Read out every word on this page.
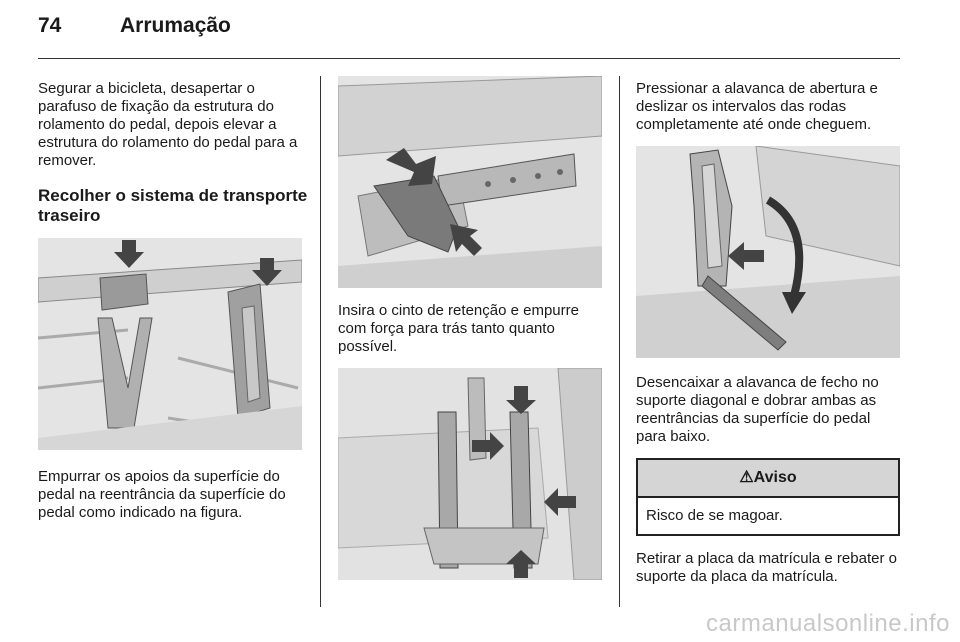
74	Arrumação

Segurar a bicicleta, desapertar o parafuso de fixação da estrutura do rolamento do pedal, depois elevar a estrutura do rolamento do pedal para a remover.

Recolher o sistema de transporte traseiro

Empurrar os apoios da superfície do pedal na reentrância da superfície do pedal como indicado na figura.

Insira o cinto de retenção e empurre com força para trás tanto quanto possível.

Pressionar a alavanca de abertura e deslizar os intervalos das rodas completamente até onde cheguem.

Desencaixar a alavanca de fecho no suporte diagonal e dobrar ambas as reentrâncias da superfície do pedal para baixo.

⚠Aviso
Risco de se magoar.

Retirar a placa da matrícula e rebater o suporte da placa da matrícula.

carmanualsonline.info
